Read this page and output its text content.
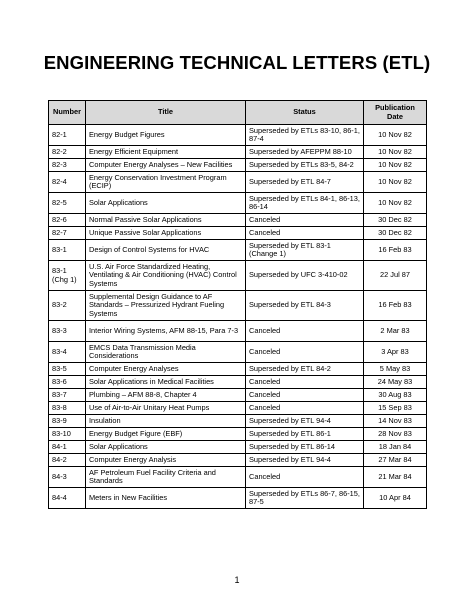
ENGINEERING TECHNICAL LETTERS (ETL)
Number	Title	Status	Publication Date
82-1	Energy Budget Figures	Superseded by ETLs 83-10, 86-1, 87-4	10 Nov 82
82-2	Energy Efficient Equipment	Superseded by AFEPPM 88-10	10 Nov 82
82-3	Computer Energy Analyses – New Facilities	Superseded by ETLs 83-5, 84-2	10 Nov 82
82-4	Energy Conservation Investment Program (ECIP)	Superseded by ETL 84-7	10 Nov 82
82-5	Solar Applications	Superseded by ETLs 84-1, 86-13, 86-14	10 Nov 82
82-6	Normal Passive Solar Applications	Canceled	30 Dec 82
82-7	Unique Passive Solar Applications	Canceled	30 Dec 82
83-1	Design of Control Systems for HVAC	Superseded by ETL 83-1 (Change 1)	16 Feb 83
83-1 (Chg 1)	U.S. Air Force Standardized Heating, Ventilating & Air Conditioning (HVAC) Control Systems	Superseded by UFC 3-410-02	22 Jul 87
83-2	Supplemental Design Guidance to AF Standards – Pressurized Hydrant Fueling Systems	Superseded by ETL 84-3	16 Feb 83
83-3	Interior Wiring Systems, AFM 88-15, Para 7-3	Canceled	2 Mar 83
83-4	EMCS Data Transmission Media Considerations	Canceled	3 Apr 83
83-5	Computer Energy Analyses	Superseded by ETL 84-2	5 May 83
83-6	Solar Applications in Medical Facilities	Canceled	24 May 83
83-7	Plumbing – AFM 88-8, Chapter 4	Canceled	30 Aug 83
83-8	Use of Air-to-Air Unitary Heat Pumps	Canceled	15 Sep 83
83-9	Insulation	Superseded by ETL 94-4	14 Nov 83
83-10	Energy Budget Figure (EBF)	Superseded by ETL 86-1	28 Nov 83
84-1	Solar Applications	Superseded by ETL 86-14	18 Jan 84
84-2	Computer Energy Analysis	Superseded by ETL 94-4	27 Mar 84
84-3	AF Petroleum Fuel Facility Criteria and Standards	Canceled	21 Mar 84
84-4	Meters in New Facilities	Superseded by ETLs 86-7, 86-15, 87-5	10 Apr 84
1
